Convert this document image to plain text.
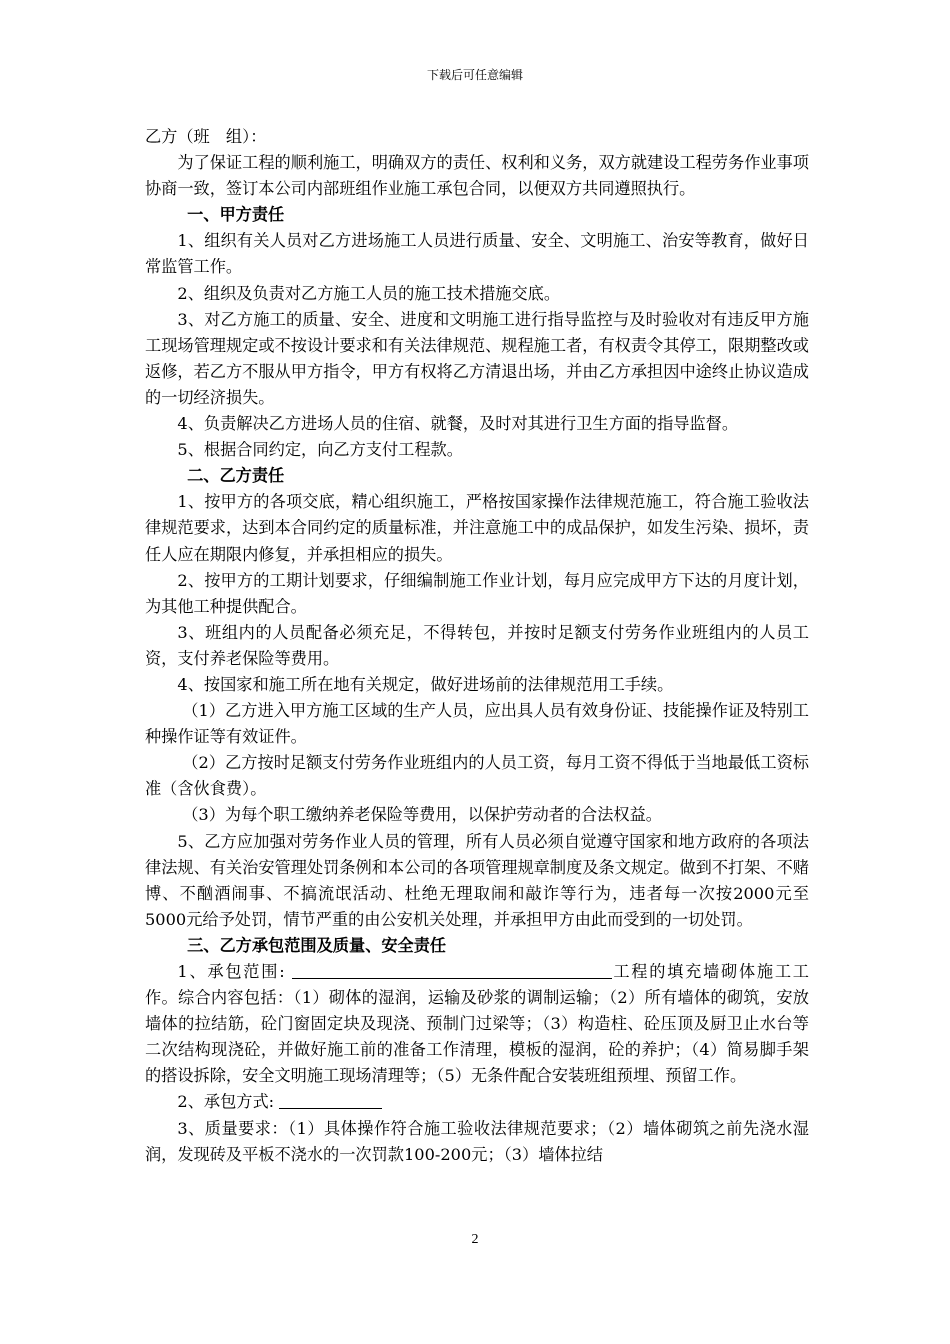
下载后可任意编辑

乙方（班　组）：

为了保证工程的顺利施工，明确双方的责任、权利和义务，双方就建设工程劳务作业事项协商一致，签订本公司内部班组作业施工承包合同，以便双方共同遵照执行。

一、甲方责任

1、组织有关人员对乙方进场施工人员进行质量、安全、文明施工、治安等教育，做好日常监管工作。

2、组织及负责对乙方施工人员的施工技术措施交底。

3、对乙方施工的质量、安全、进度和文明施工进行指导监控与及时验收对有违反甲方施工现场管理规定或不按设计要求和有关法律规范、规程施工者，有权责令其停工，限期整改或返修，若乙方不服从甲方指令，甲方有权将乙方清退出场，并由乙方承担因中途终止协议造成的一切经济损失。

4、负责解决乙方进场人员的住宿、就餐，及时对其进行卫生方面的指导监督。

5、根据合同约定，向乙方支付工程款。

二、乙方责任

1、按甲方的各项交底，精心组织施工，严格按国家操作法律规范施工，符合施工验收法律规范要求，达到本合同约定的质量标准，并注意施工中的成品保护，如发生污染、损坏，责任人应在期限内修复，并承担相应的损失。

2、按甲方的工期计划要求，仔细编制施工作业计划，每月应完成甲方下达的月度计划，为其他工种提供配合。

3、班组内的人员配备必须充足，不得转包，并按时足额支付劳务作业班组内的人员工资，支付养老保险等费用。

4、按国家和施工所在地有关规定，做好进场前的法律规范用工手续。

（1）乙方进入甲方施工区域的生产人员，应出具人员有效身份证、技能操作证及特别工种操作证等有效证件。

（2）乙方按时足额支付劳务作业班组内的人员工资，每月工资不得低于当地最低工资标准（含伙食费）。

（3）为每个职工缴纳养老保险等费用，以保护劳动者的合法权益。

5、乙方应加强对劳务作业人员的管理，所有人员必须自觉遵守国家和地方政府的各项法律法规、有关治安管理处罚条例和本公司的各项管理规章制度及条文规定。做到不打架、不赌博、不酗酒闹事、不搞流氓活动、杜绝无理取闹和敲诈等行为，违者每一次按2000元至5000元给予处罚，情节严重的由公安机关处理，并承担甲方由此而受到的一切处罚。

三、乙方承包范围及质量、安全责任

1、承包范围:	工程的填充墙砌体施工工作。综合内容包括：（1）砌体的湿润，运输及砂浆的调制运输；（2）所有墙体的砌筑，安放墙体的拉结筋，砼门窗固定块及现浇、预制门过梁等；（3）构造柱、砼压顶及厨卫止水台等二次结构现浇砼，并做好施工前的准备工作清理，模板的湿润，砼的养护；（4）简易脚手架的搭设拆除，安全文明施工现场清理等；（5）无条件配合安装班组预埋、预留工作。

2、承包方式:

3、质量要求：（1）具体操作符合施工验收法律规范要求；（2）墙体砌筑之前先浇水湿润，发现砖及平板不浇水的一次罚款100-200元；（3）墙体拉结

2
